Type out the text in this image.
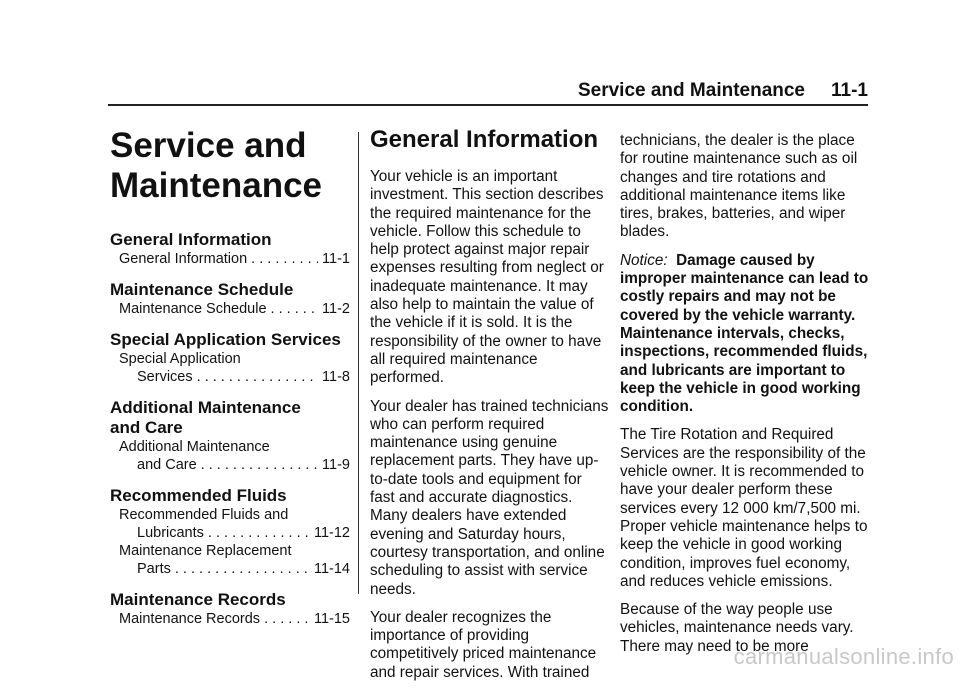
Service and Maintenance 11-1
Service and
Maintenance
General Information
General Information . . .	11-1
Maintenance Schedule
Maintenance Schedule . . .	11-2
Special Application Services
Special Application
Services . . .	11-8
Additional Maintenance
and Care
Additional Maintenance
and Care . . .	11-9
Recommended Fluids
Recommended Fluids and
Lubricants . . .	11-12
Maintenance Replacement
Parts . . .	11-14
Maintenance Records
Maintenance Records . . .	11-15
General Information

Your vehicle is an important investment. This section describes the required maintenance for the vehicle. Follow this schedule to help protect against major repair expenses resulting from neglect or inadequate maintenance. It may also help to maintain the value of the vehicle if it is sold. It is the responsibility of the owner to have all required maintenance performed.

Your dealer has trained technicians who can perform required maintenance using genuine replacement parts. They have up-to-date tools and equipment for fast and accurate diagnostics. Many dealers have extended evening and Saturday hours, courtesy transportation, and online scheduling to assist with service needs.

Your dealer recognizes the importance of providing competitively priced maintenance and repair services. With trained

technicians, the dealer is the place for routine maintenance such as oil changes and tire rotations and additional maintenance items like tires, brakes, batteries, and wiper blades.

Notice: Damage caused by improper maintenance can lead to costly repairs and may not be covered by the vehicle warranty. Maintenance intervals, checks, inspections, recommended fluids, and lubricants are important to keep the vehicle in good working condition.

The Tire Rotation and Required Services are the responsibility of the vehicle owner. It is recommended to have your dealer perform these services every 12 000 km/7,500 mi. Proper vehicle maintenance helps to keep the vehicle in good working condition, improves fuel economy, and reduces vehicle emissions.

Because of the way people use vehicles, maintenance needs vary. There may need to be more

carmanualsonline.info
